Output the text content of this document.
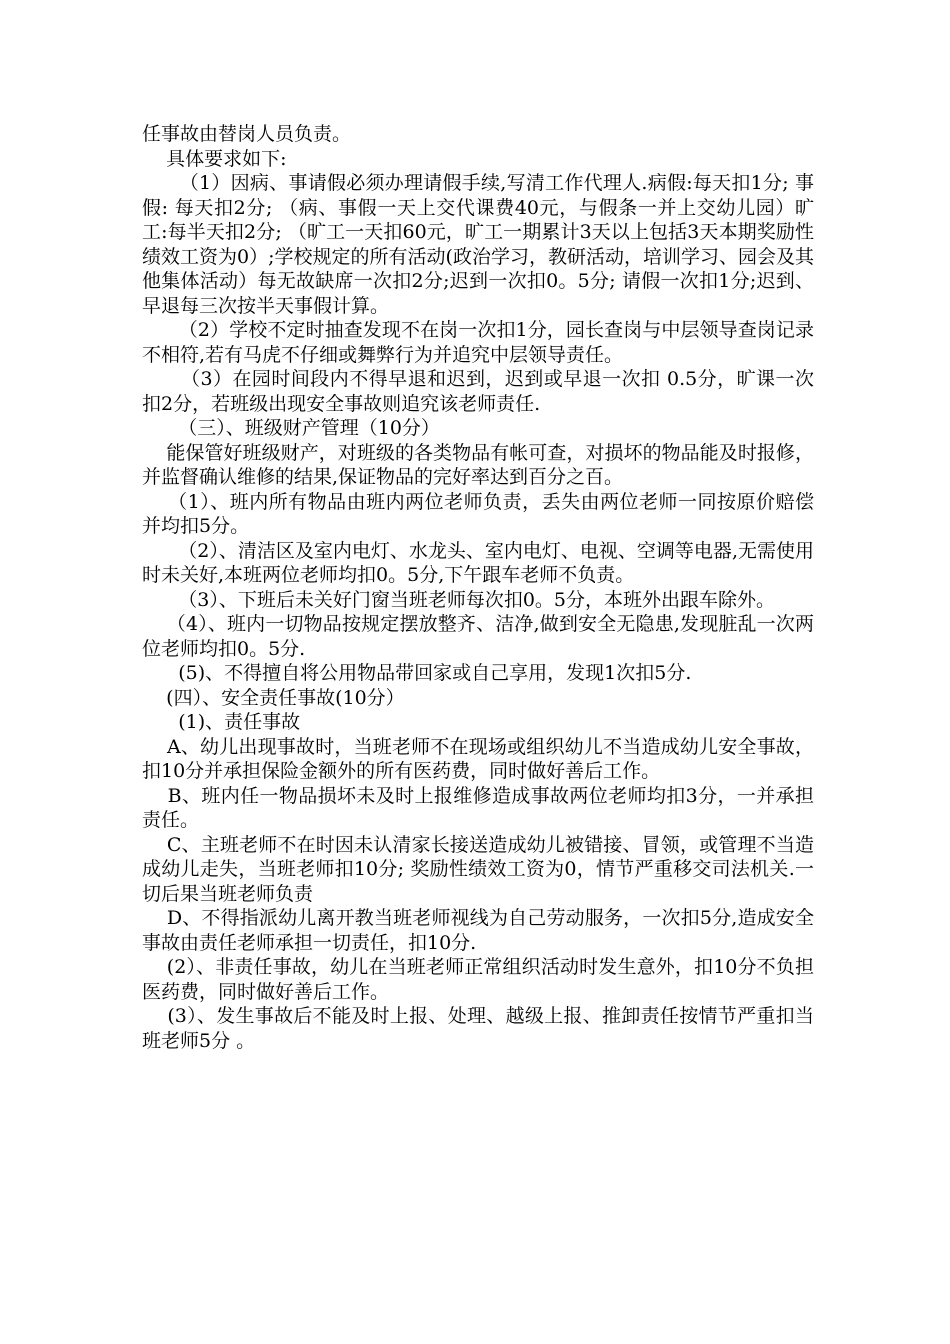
任事故由替岗人员负责。

具体要求如下:

（1）因病、事请假必须办理请假手续,写清工作代理人.病假:每天扣1分; 事假: 每天扣2分; （病、事假一天上交代课费40元，与假条一并上交幼儿园）旷工:每半天扣2分; （旷工一天扣60元，旷工一期累计3天以上包括3天本期奖励性绩效工资为0）;学校规定的所有活动(政治学习，教研活动，培训学习、园会及其他集体活动）每无故缺席一次扣2分;迟到一次扣0。5分; 请假一次扣1分;迟到、早退每三次按半天事假计算。

（2）学校不定时抽查发现不在岗一次扣1分，园长查岗与中层领导查岗记录不相符,若有马虎不仔细或舞弊行为并追究中层领导责任。

（3）在园时间段内不得早退和迟到，迟到或早退一次扣 0.5分，旷课一次扣2分，若班级出现安全事故则追究该老师责任.

（三）、班级财产管理（10分）

能保管好班级财产，对班级的各类物品有帐可查，对损坏的物品能及时报修，并监督确认维修的结果,保证物品的完好率达到百分之百。

（1）、班内所有物品由班内两位老师负责，丢失由两位老师一同按原价赔偿并均扣5分。

（2）、清洁区及室内电灯、水龙头、室内电灯、电视、空调等电器,无需使用时未关好,本班两位老师均扣0。5分,下午跟车老师不负责。

（3）、下班后未关好门窗当班老师每次扣0。5分，本班外出跟车除外。

（4）、班内一切物品按规定摆放整齐、洁净,做到安全无隐患,发现脏乱一次两位老师均扣0。5分.

(5)、不得擅自将公用物品带回家或自己享用，发现1次扣5分.

(四）、安全责任事故(10分）

(1)、责任事故

A、幼儿出现事故时，当班老师不在现场或组织幼儿不当造成幼儿安全事故，扣10分并承担保险金额外的所有医药费，同时做好善后工作。

B、班内任一物品损坏未及时上报维修造成事故两位老师均扣3分，一并承担责任。

C、主班老师不在时因未认清家长接送造成幼儿被错接、冒领，或管理不当造成幼儿走失，当班老师扣10分; 奖励性绩效工资为0，情节严重移交司法机关.一切后果当班老师负责

D、不得指派幼儿离开教当班老师视线为自己劳动服务，一次扣5分,造成安全事故由责任老师承担一切责任，扣10分.

(2）、非责任事故，幼儿在当班老师正常组织活动时发生意外，扣10分不负担医药费，同时做好善后工作。

(3）、发生事故后不能及时上报、处理、越级上报、推卸责任按情节严重扣当班老师5分 。
